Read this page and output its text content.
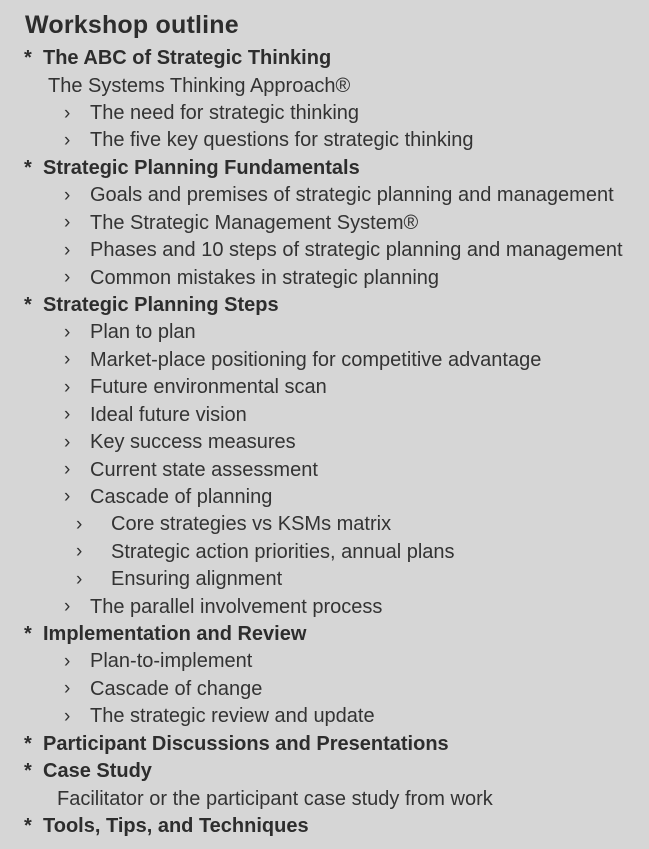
Workshop outline
* The ABC of Strategic Thinking
The Systems Thinking Approach®
› The need for strategic thinking
› The five key questions for strategic thinking
* Strategic Planning Fundamentals
› Goals and premises of strategic planning and management
› The Strategic Management System®
› Phases and 10 steps of strategic planning and management
› Common mistakes in strategic planning
* Strategic Planning Steps
› Plan to plan
› Market-place positioning for competitive advantage
› Future environmental scan
› Ideal future vision
› Key success measures
› Current state assessment
› Cascade of planning
›	Core strategies vs KSMs matrix
›	Strategic action priorities, annual plans
›	Ensuring alignment
› The parallel involvement process
* Implementation and Review
› Plan-to-implement
› Cascade of change
› The strategic review and update
* Participant Discussions and Presentations
* Case Study
Facilitator or the participant case study from work
* Tools, Tips, and Techniques
